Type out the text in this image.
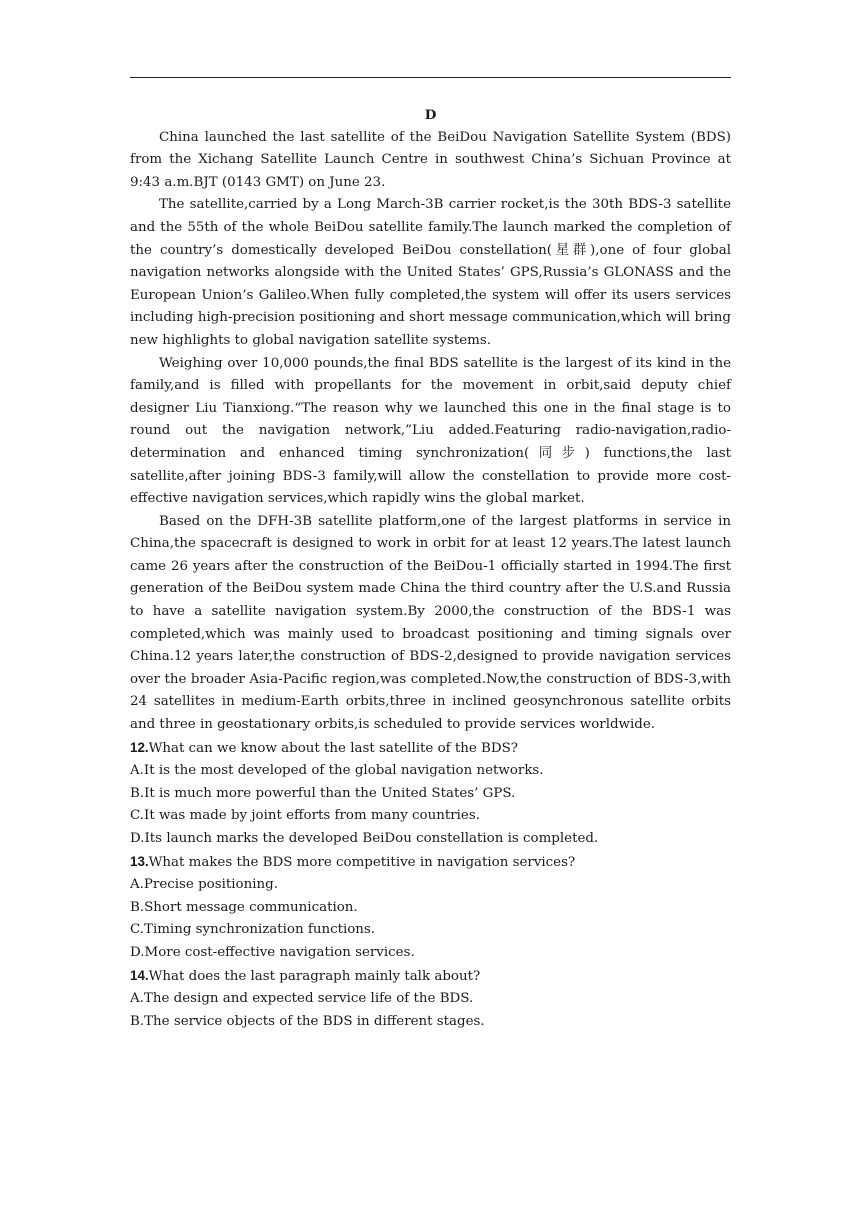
D

China launched the last satellite of the BeiDou Navigation Satellite System (BDS) from the Xichang Satellite Launch Centre in southwest China’s Sichuan Province at 9:43 a.m.BJT (0143 GMT) on June 23.

The satellite,carried by a Long March-3B carrier rocket,is the 30th BDS-3 satellite and the 55th of the whole BeiDou satellite family.The launch marked the completion of the country’s domestically developed BeiDou constellation(星群),one of four global navigation networks alongside with the United States’ GPS,Russia’s GLONASS and the European Union’s Galileo.When fully completed,the system will offer its users services including high-precision positioning and short message communication,which will bring new highlights to global navigation satellite systems.

Weighing over 10,000 pounds,the final BDS satellite is the largest of its kind in the family,and is filled with propellants for the movement in orbit,said deputy chief designer Liu Tianxiong.“The reason why we launched this one in the final stage is to round out the navigation network,”Liu added.Featuring radio-navigation,radio-determination and enhanced timing synchronization(同步) functions,the last satellite,after joining BDS-3 family,will allow the constellation to provide more cost-effective navigation services,which rapidly wins the global market.

Based on the DFH-3B satellite platform,one of the largest platforms in service in China,the spacecraft is designed to work in orbit for at least 12 years.The latest launch came 26 years after the construction of the BeiDou-1 officially started in 1994.The first generation of the BeiDou system made China the third country after the U.S.and Russia to have a satellite navigation system.By 2000,the construction of the BDS-1 was completed,which was mainly used to broadcast positioning and timing signals over China.12 years later,the construction of BDS-2,designed to provide navigation services over the broader Asia-Pacific region,was completed.Now,the construction of BDS-3,with 24 satellites in medium-Earth orbits,three in inclined geosynchronous satellite orbits and three in geostationary orbits,is scheduled to provide services worldwide.

12.What can we know about the last satellite of the BDS?

A.It is the most developed of the global navigation networks.

B.It is much more powerful than the United States’ GPS.

C.It was made by joint efforts from many countries.

D.Its launch marks the developed BeiDou constellation is completed.

13.What makes the BDS more competitive in navigation services?

A.Precise positioning.

B.Short message communication.

C.Timing synchronization functions.

D.More cost-effective navigation services.

14.What does the last paragraph mainly talk about?

A.The design and expected service life of the BDS.

B.The service objects of the BDS in different stages.
